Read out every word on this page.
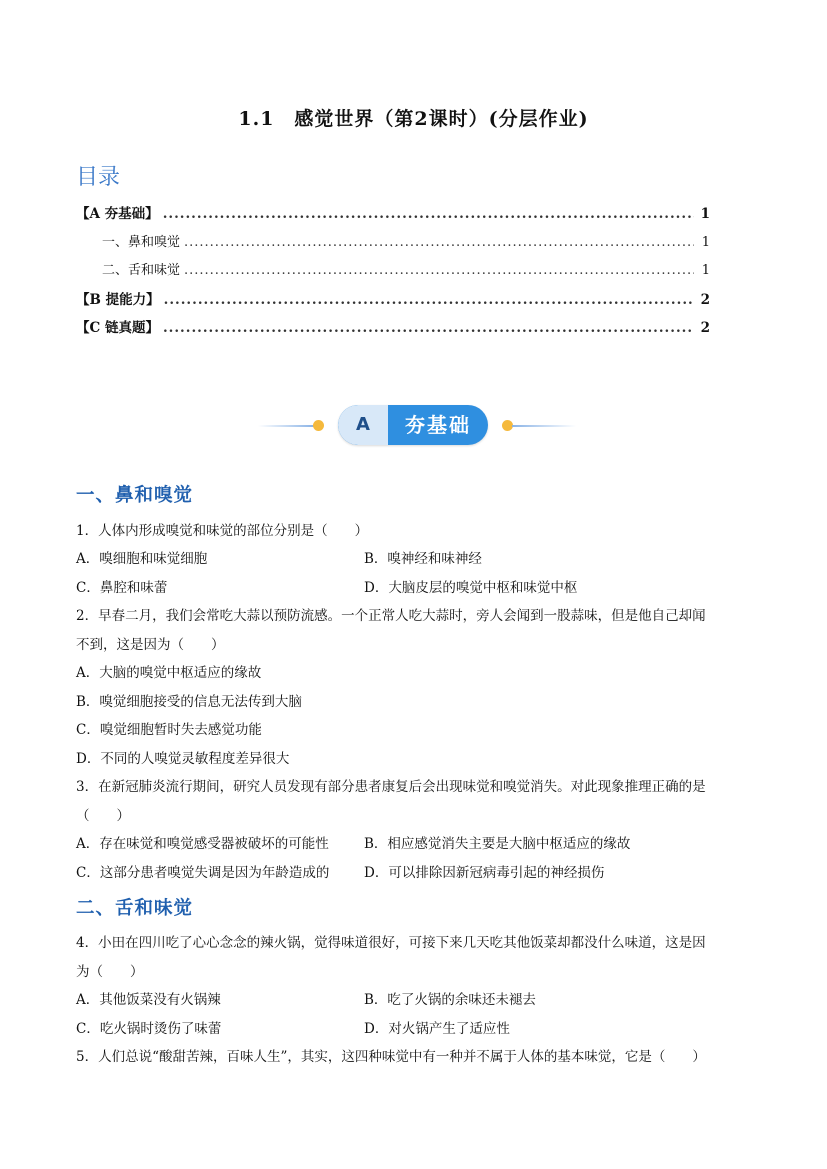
1.1　感觉世界（第2课时）(分层作业)
目录
【A 夯基础】 .....	1
一、鼻和嗅觉 .....	1
二、舌和味觉 .....	1
【B 提能力】 .....	2
【C 链真题】 .....	2
A	夯基础
一、鼻和嗅觉
1．人体内形成嗅觉和味觉的部位分别是（　　）
A．嗅细胞和味觉细胞	B．嗅神经和味神经
C．鼻腔和味蕾	D．大脑皮层的嗅觉中枢和味觉中枢
2．早春二月，我们会常吃大蒜以预防流感。一个正常人吃大蒜时，旁人会闻到一股蒜味，但是他自己却闻
不到，这是因为（　　）
A．大脑的嗅觉中枢适应的缘故
B．嗅觉细胞接受的信息无法传到大脑
C．嗅觉细胞暂时失去感觉功能
D．不同的人嗅觉灵敏程度差异很大
3．在新冠肺炎流行期间，研究人员发现有部分患者康复后会出现味觉和嗅觉消失。对此现象推理正确的是
（　　）
A．存在味觉和嗅觉感受器被破坏的可能性	B．相应感觉消失主要是大脑中枢适应的缘故
C．这部分患者嗅觉失调是因为年龄造成的	D．可以排除因新冠病毒引起的神经损伤
二、舌和味觉
4．小田在四川吃了心心念念的辣火锅，觉得味道很好，可接下来几天吃其他饭菜却都没什么味道，这是因
为（　　）
A．其他饭菜没有火锅辣	B．吃了火锅的余味还未褪去
C．吃火锅时烫伤了味蕾	D．对火锅产生了适应性
5．人们总说“酸甜苦辣，百味人生”，其实，这四种味觉中有一种并不属于人体的基本味觉，它是（　　）
